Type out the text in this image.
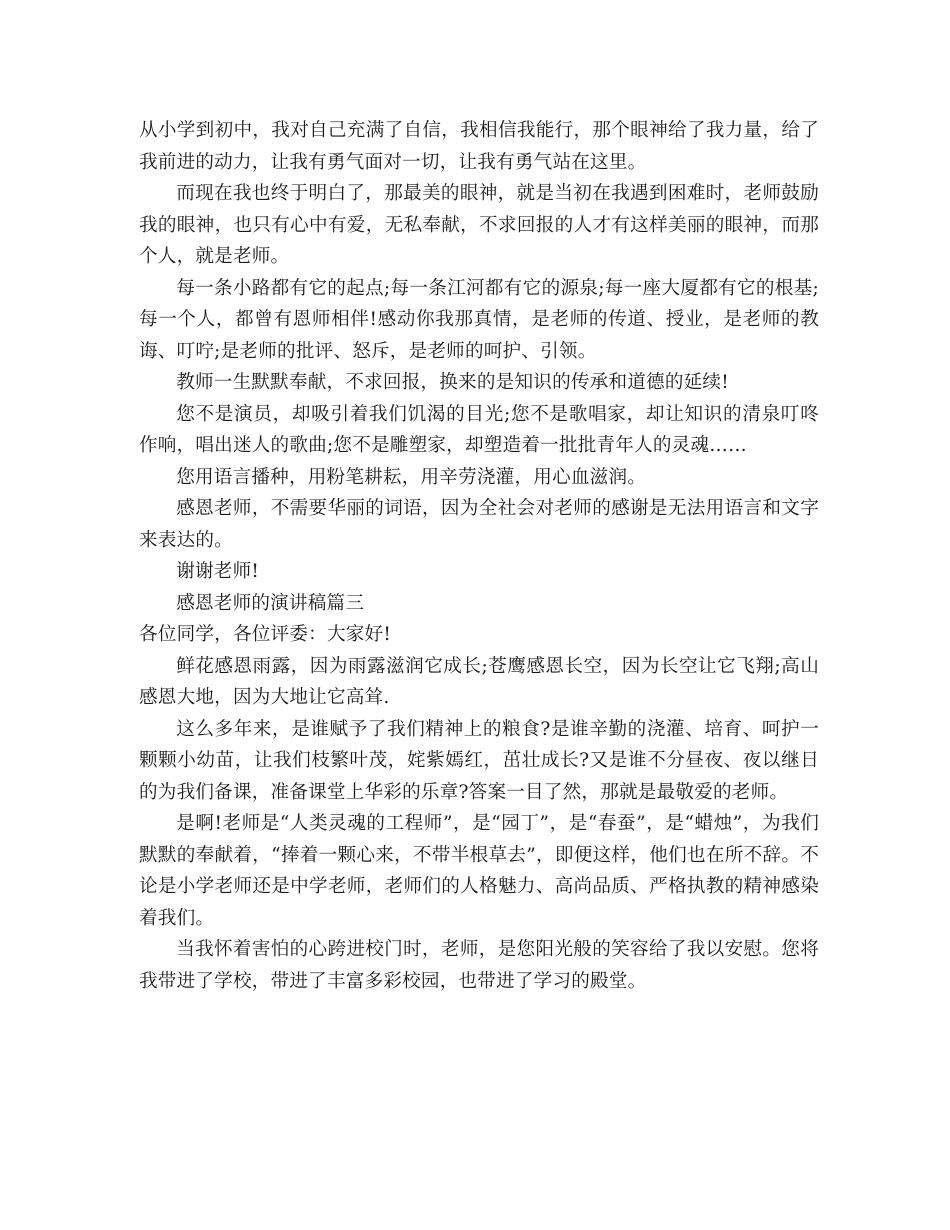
从小学到初中，我对自己充满了自信，我相信我能行，那个眼神给了我力量，给了我前进的动力，让我有勇气面对一切，让我有勇气站在这里。

而现在我也终于明白了，那最美的眼神，就是当初在我遇到困难时，老师鼓励我的眼神，也只有心中有爱，无私奉献，不求回报的人才有这样美丽的眼神，而那个人，就是老师。

每一条小路都有它的起点;每一条江河都有它的源泉;每一座大厦都有它的根基;每一个人，都曾有恩师相伴!感动你我那真情，是老师的传道、授业，是老师的教诲、叮咛;是老师的批评、怒斥，是老师的呵护、引领。

教师一生默默奉献，不求回报，换来的是知识的传承和道德的延续!

您不是演员，却吸引着我们饥渴的目光;您不是歌唱家，却让知识的清泉叮咚作响，唱出迷人的歌曲;您不是雕塑家，却塑造着一批批青年人的灵魂……

您用语言播种，用粉笔耕耘，用辛劳浇灌，用心血滋润。

感恩老师，不需要华丽的词语，因为全社会对老师的感谢是无法用语言和文字来表达的。

谢谢老师!

感恩老师的演讲稿篇三

各位同学，各位评委：大家好!

鲜花感恩雨露，因为雨露滋润它成长;苍鹰感恩长空，因为长空让它飞翔;高山感恩大地，因为大地让它高耸.

这么多年来，是谁赋予了我们精神上的粮食?是谁辛勤的浇灌、培育、呵护一颗颗小幼苗，让我们枝繁叶茂，姹紫嫣红，茁壮成长?又是谁不分昼夜、夜以继日的为我们备课，准备课堂上华彩的乐章?答案一目了然，那就是最敬爱的老师。

是啊!老师是“人类灵魂的工程师”，是“园丁”，是“春蚕”，是“蜡烛”，为我们默默的奉献着，“捧着一颗心来，不带半根草去”，即便这样，他们也在所不辞。不论是小学老师还是中学老师，老师们的人格魅力、高尚品质、严格执教的精神感染着我们。

当我怀着害怕的心跨进校门时，老师，是您阳光般的笑容给了我以安慰。您将我带进了学校，带进了丰富多彩校园，也带进了学习的殿堂。
